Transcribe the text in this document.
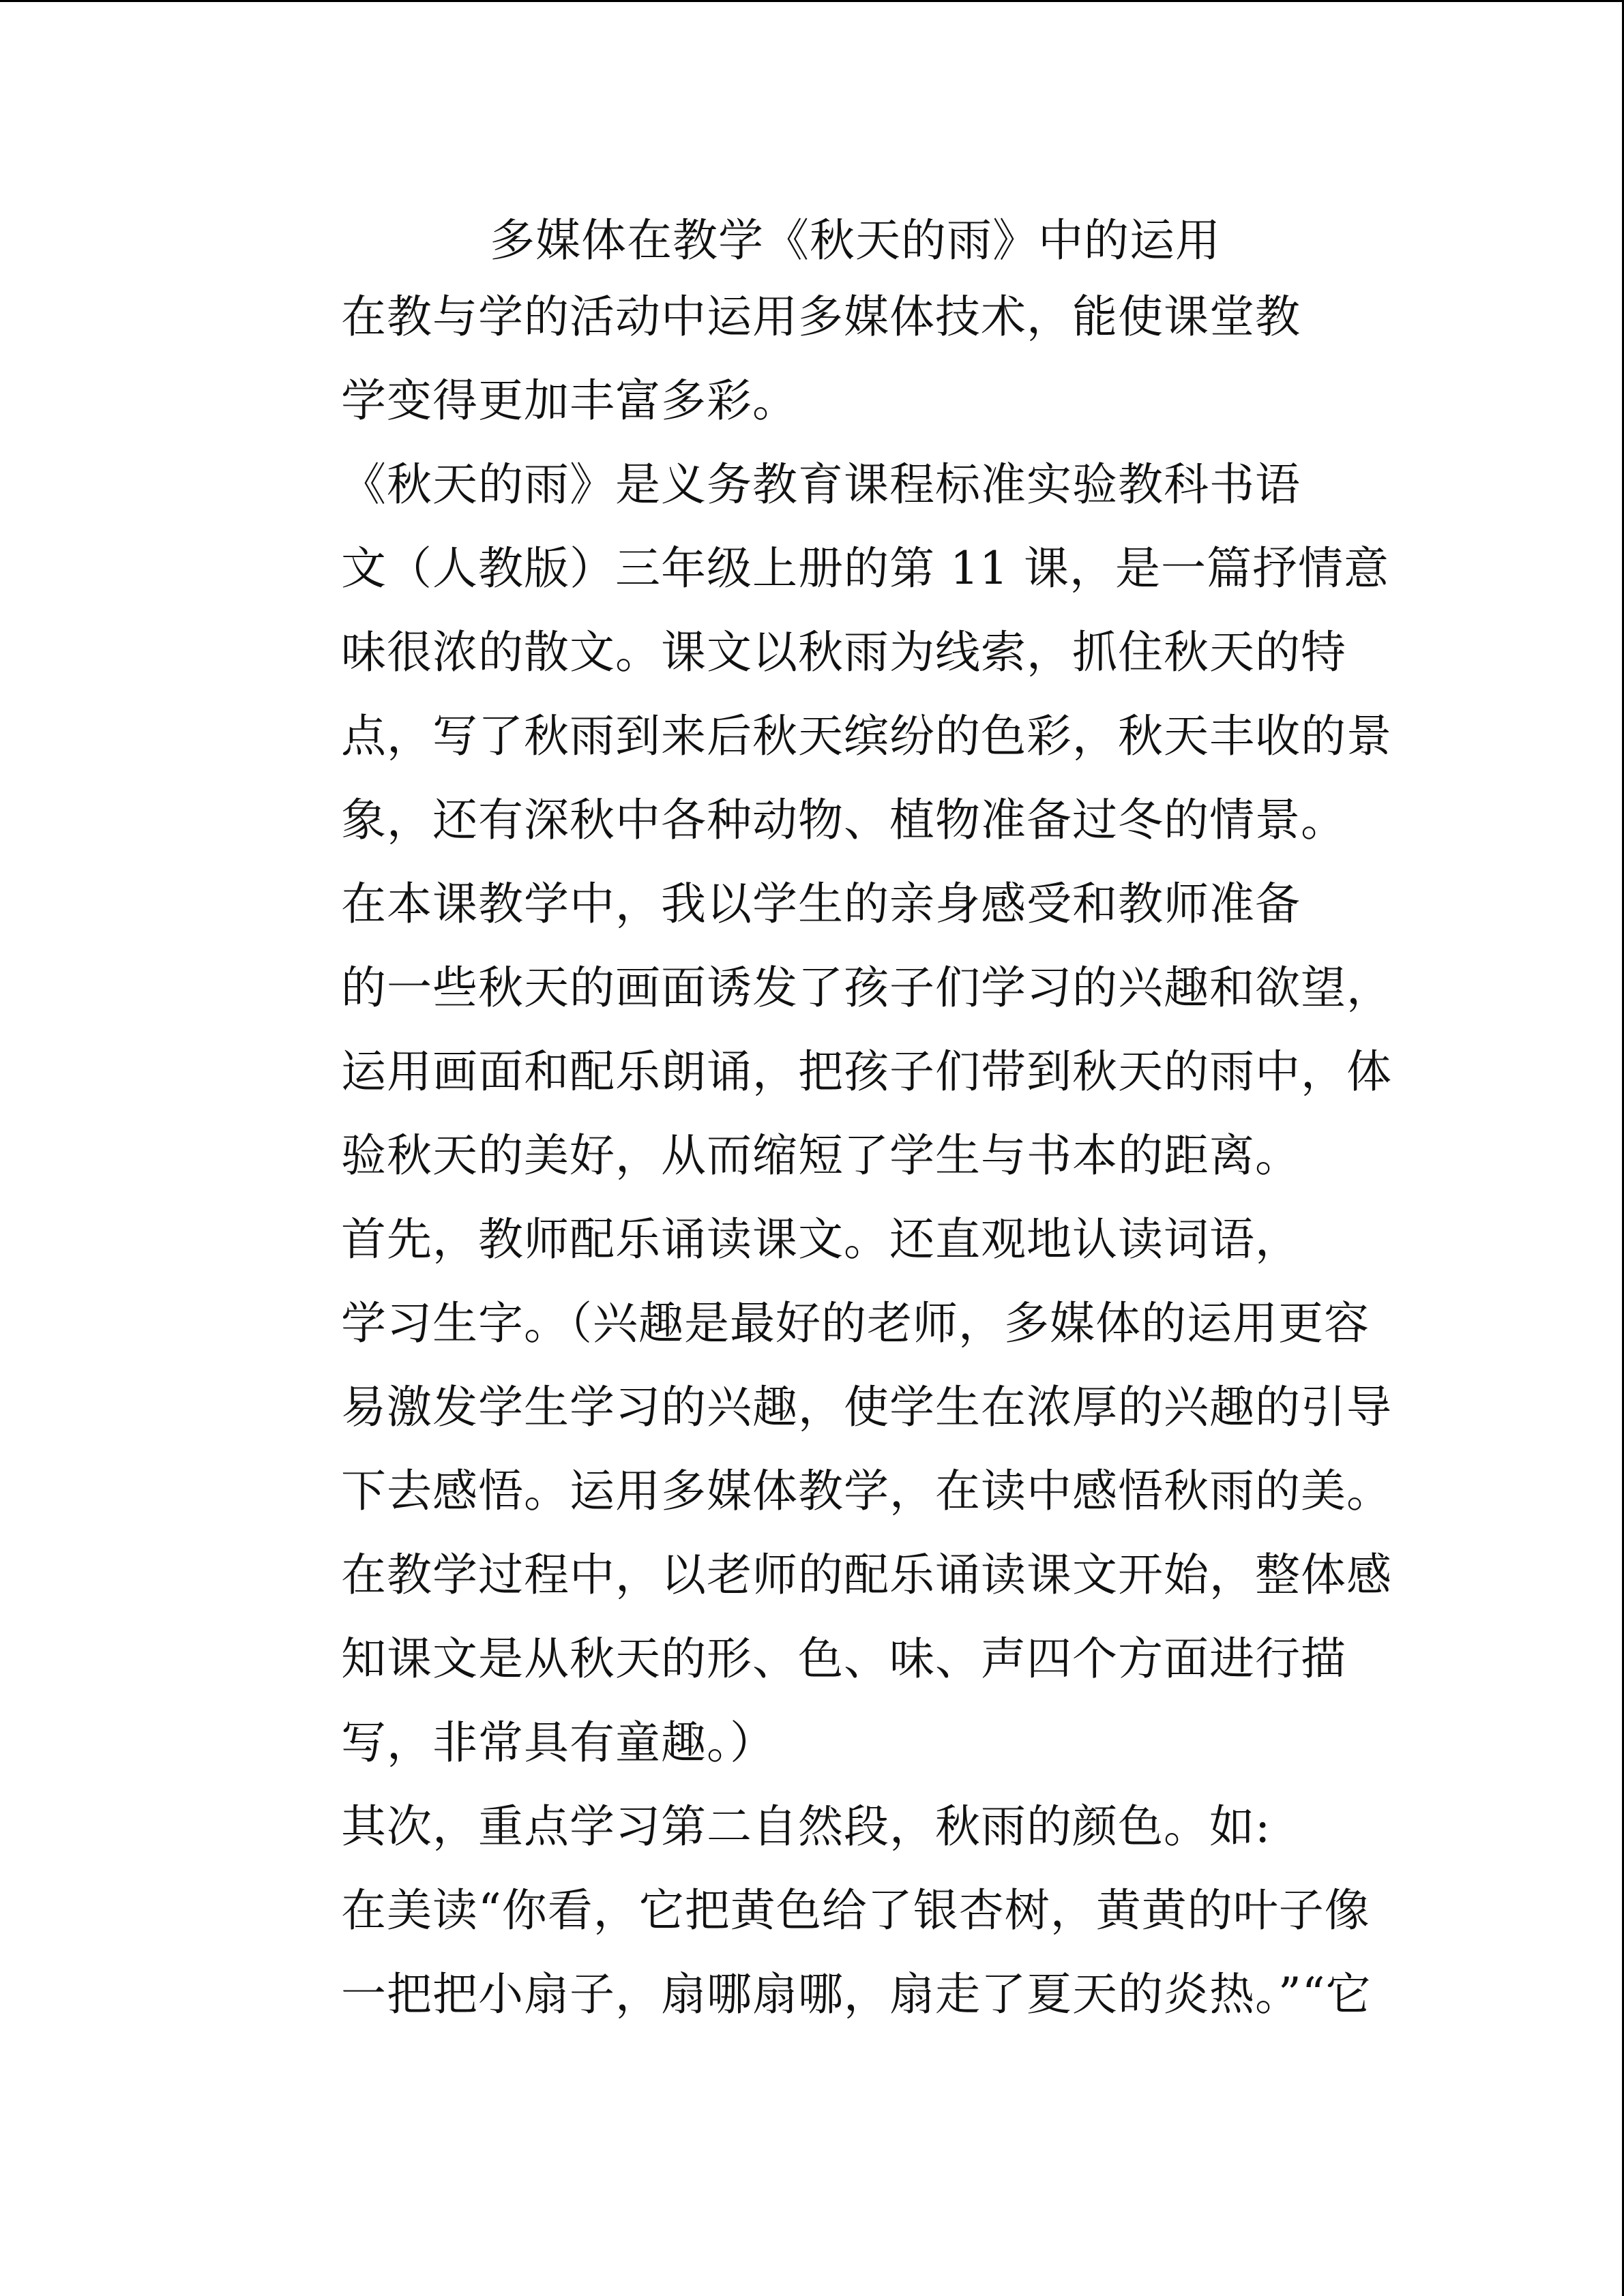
多媒体在教学《秋天的雨》中的运用

在教与学的活动中运用多媒体技术，能使课堂教
学变得更加丰富多彩。

《秋天的雨》是义务教育课程标准实验教科书语
文（人教版）三年级上册的第 11 课，是一篇抒情意
味很浓的散文。课文以秋雨为线索，抓住秋天的特
点，写了秋雨到来后秋天缤纷的色彩，秋天丰收的景
象，还有深秋中各种动物、植物准备过冬的情景。

在本课教学中，我以学生的亲身感受和教师准备
的一些秋天的画面诱发了孩子们学习的兴趣和欲望，
运用画面和配乐朗诵，把孩子们带到秋天的雨中，体
验秋天的美好，从而缩短了学生与书本的距离。

首先，教师配乐诵读课文。还直观地认读词语，
学习生字。（兴趣是最好的老师，多媒体的运用更容
易激发学生学习的兴趣，使学生在浓厚的兴趣的引导
下去感悟。运用多媒体教学，在读中感悟秋雨的美。
在教学过程中，以老师的配乐诵读课文开始，整体感
知课文是从秋天的形、色、味、声四个方面进行描
写，非常具有童趣。）

其次，重点学习第二自然段，秋雨的颜色。如:
在美读“你看，它把黄色给了银杏树，黄黄的叶子像
一把把小扇子，扇哪扇哪，扇走了夏天的炎热。”“它
